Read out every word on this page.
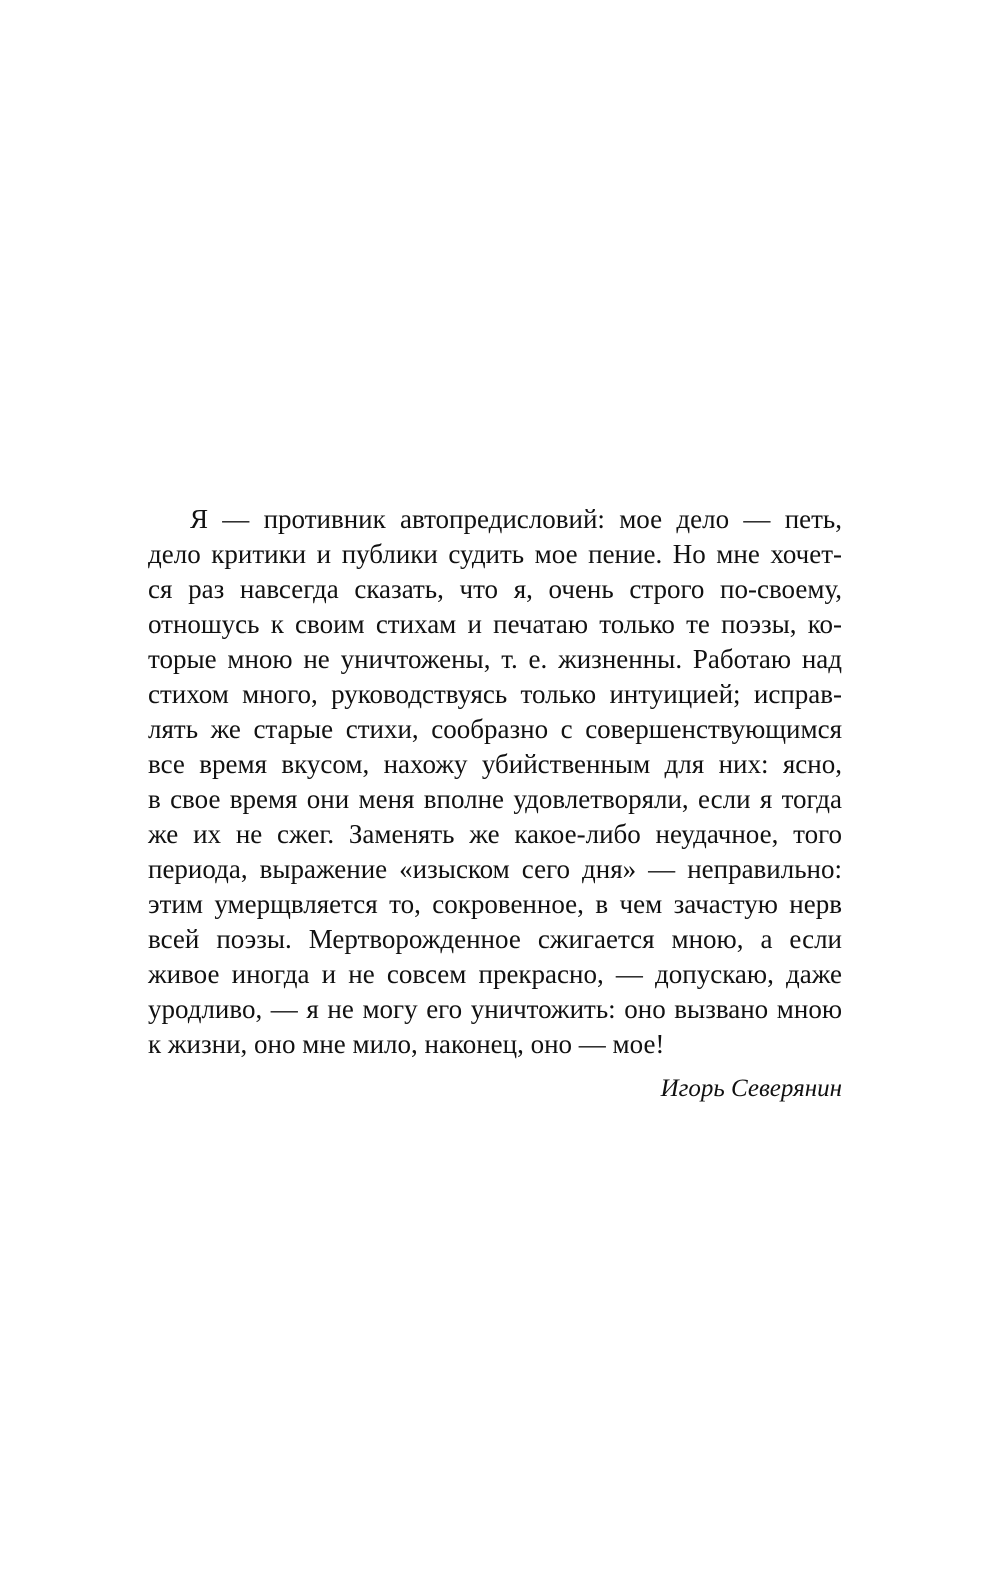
Я — противник автопредисловий: мое дело — петь,
дело критики и публики судить мое пение. Но мне хочет-
ся раз навсегда сказать, что я, очень строго по-своему,
отношусь к своим стихам и печатаю только те поэзы, ко-
торые мною не уничтожены, т. е. жизненны. Работаю над
стихом много, руководствуясь только интуицией; исправ-
лять же старые стихи, сообразно с совершенствующимся
все время вкусом, нахожу убийственным для них: ясно,
в свое время они меня вполне удовлетворяли, если я тогда
же их не сжег. Заменять же какое-либо неудачное, того
периода, выражение «изыском сего дня» — неправильно:
этим умерщвляется то, сокровенное, в чем зачастую нерв
всей поэзы. Мертворожденное сжигается мною, а если
живое иногда и не совсем прекрасно, — допускаю, даже
уродливо, — я не могу его уничтожить: оно вызвано мною
к жизни, оно мне мило, наконец, оно — мое!
Игорь Северянин
